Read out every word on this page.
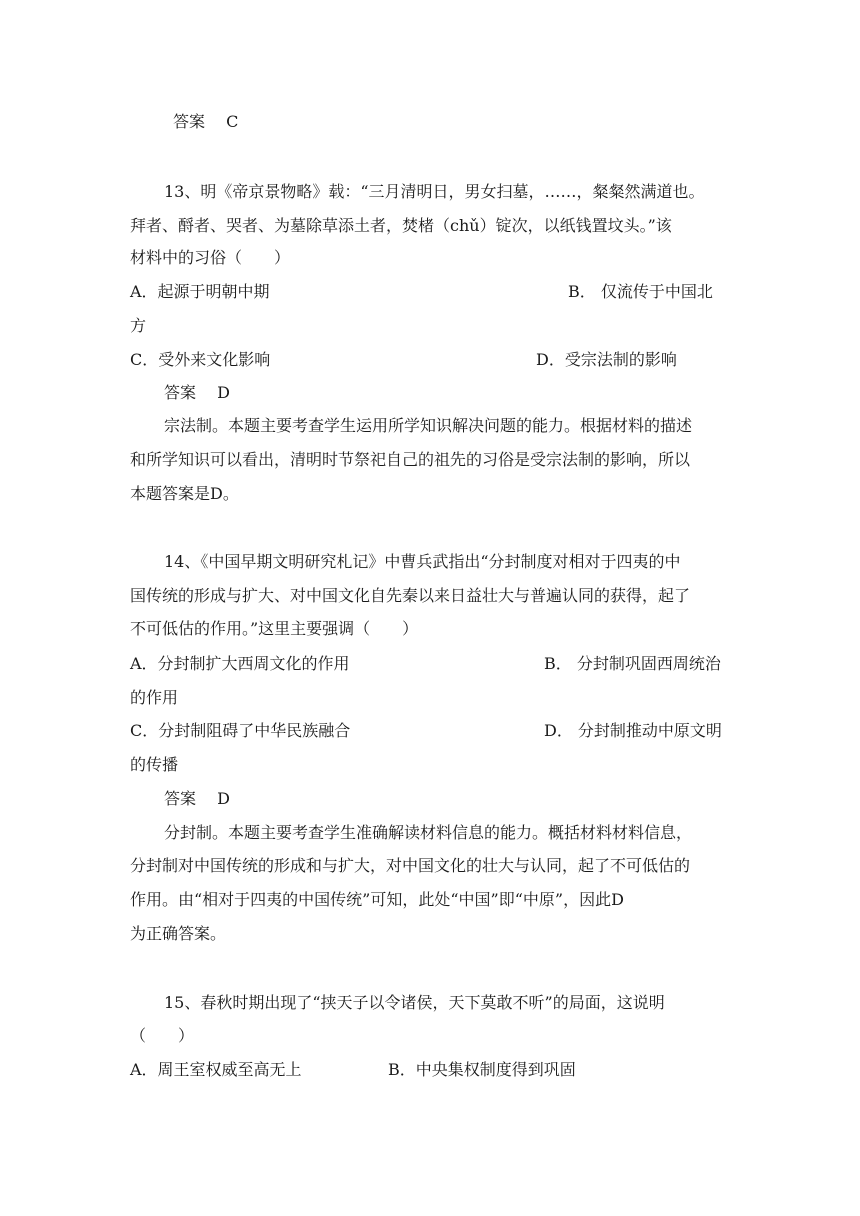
答案　 C
13、明《帝京景物略》载：“三月清明日，男女扫墓，……，粲粲然满道也。
拜者、酹者、哭者、为墓除草添土者，焚楮（chǔ）锭次，以纸钱置坟头。”该
材料中的习俗（　　）
A．起源于明朝中期	B． 仅流传于中国北
方
C．受外来文化影响	D．受宗法制的影响
答案　 D
宗法制。本题主要考查学生运用所学知识解决问题的能力。根据材料的描述
和所学知识可以看出，清明时节祭祀自己的祖先的习俗是受宗法制的影响，所以
本题答案是D。
14、《中国早期文明研究札记》中曹兵武指出“分封制度对相对于四夷的中
国传统的形成与扩大、对中国文化自先秦以来日益壮大与普遍认同的获得，起了
不可低估的作用。”这里主要强调（　　）
A．分封制扩大西周文化的作用	B． 分封制巩固西周统治
的作用
C．分封制阻碍了中华民族融合	D． 分封制推动中原文明
的传播
答案　 D
分封制。本题主要考查学生准确解读材料信息的能力。概括材料材料信息，
分封制对中国传统的形成和与扩大，对中国文化的壮大与认同，起了不可低估的
作用。由“相对于四夷的中国传统”可知，此处“中国”即“中原”，因此D
为正确答案。
15、春秋时期出现了“挟天子以令诸侯，天下莫敢不听”的局面，这说明
（　　）
A．周王室权威至高无上	B．中央集权制度得到巩固
